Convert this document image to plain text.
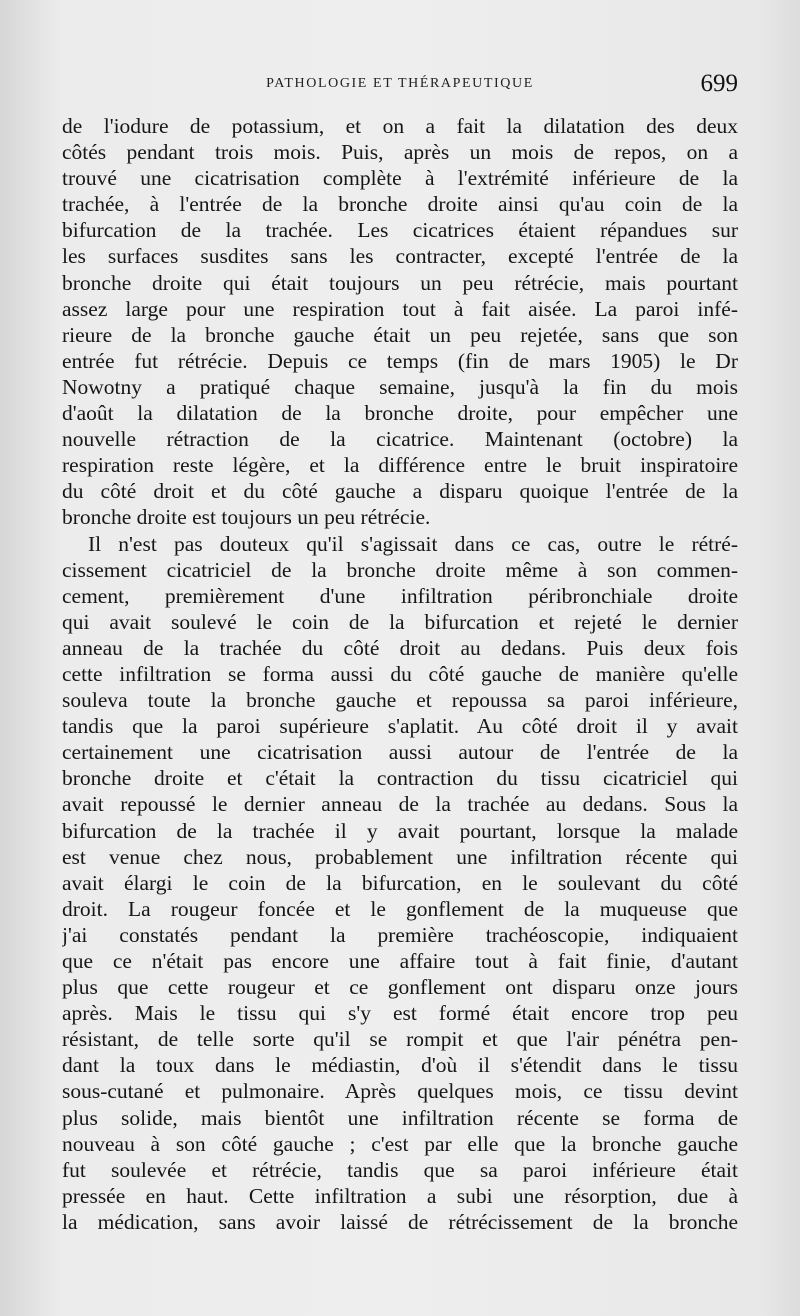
PATHOLOGIE ET THÉRAPEUTIQUE	699
de l'iodure de potassium, et on a fait la dilatation des deux
côtés pendant trois mois. Puis, après un mois de repos, on a
trouvé une cicatrisation complète à l'extrémité inférieure de la
trachée, à l'entrée de la bronche droite ainsi qu'au coin de la
bifurcation de la trachée. Les cicatrices étaient répandues sur
les surfaces susdites sans les contracter, excepté l'entrée de la
bronche droite qui était toujours un peu rétrécie, mais pourtant
assez large pour une respiration tout à fait aisée. La paroi infé-
rieure de la bronche gauche était un peu rejetée, sans que son
entrée fut rétrécie. Depuis ce temps (fin de mars 1905) le Dr
Nowotny a pratiqué chaque semaine, jusqu'à la fin du mois
d'août la dilatation de la bronche droite, pour empêcher une
nouvelle rétraction de la cicatrice. Maintenant (octobre) la
respiration reste légère, et la différence entre le bruit inspiratoire
du côté droit et du côté gauche a disparu quoique l'entrée de la
bronche droite est toujours un peu rétrécie.
Il n'est pas douteux qu'il s'agissait dans ce cas, outre le rétré-
cissement cicatriciel de la bronche droite même à son commen-
cement, premièrement d'une infiltration péribronchiale droite
qui avait soulevé le coin de la bifurcation et rejeté le dernier
anneau de la trachée du côté droit au dedans. Puis deux fois
cette infiltration se forma aussi du côté gauche de manière qu'elle
souleva toute la bronche gauche et repoussa sa paroi inférieure,
tandis que la paroi supérieure s'aplatit. Au côté droit il y avait
certainement une cicatrisation aussi autour de l'entrée de la
bronche droite et c'était la contraction du tissu cicatriciel qui
avait repoussé le dernier anneau de la trachée au dedans. Sous la
bifurcation de la trachée il y avait pourtant, lorsque la malade
est venue chez nous, probablement une infiltration récente qui
avait élargi le coin de la bifurcation, en le soulevant du côté
droit. La rougeur foncée et le gonflement de la muqueuse que
j'ai constatés pendant la première trachéoscopie, indiquaient
que ce n'était pas encore une affaire tout à fait finie, d'autant
plus que cette rougeur et ce gonflement ont disparu onze jours
après. Mais le tissu qui s'y est formé était encore trop peu
résistant, de telle sorte qu'il se rompit et que l'air pénétra pen-
dant la toux dans le médiastin, d'où il s'étendit dans le tissu
sous-cutané et pulmonaire. Après quelques mois, ce tissu devint
plus solide, mais bientôt une infiltration récente se forma de
nouveau à son côté gauche ; c'est par elle que la bronche gauche
fut soulevée et rétrécie, tandis que sa paroi inférieure était
pressée en haut. Cette infiltration a subi une résorption, due à
la médication, sans avoir laissé de rétrécissement de la bronche
